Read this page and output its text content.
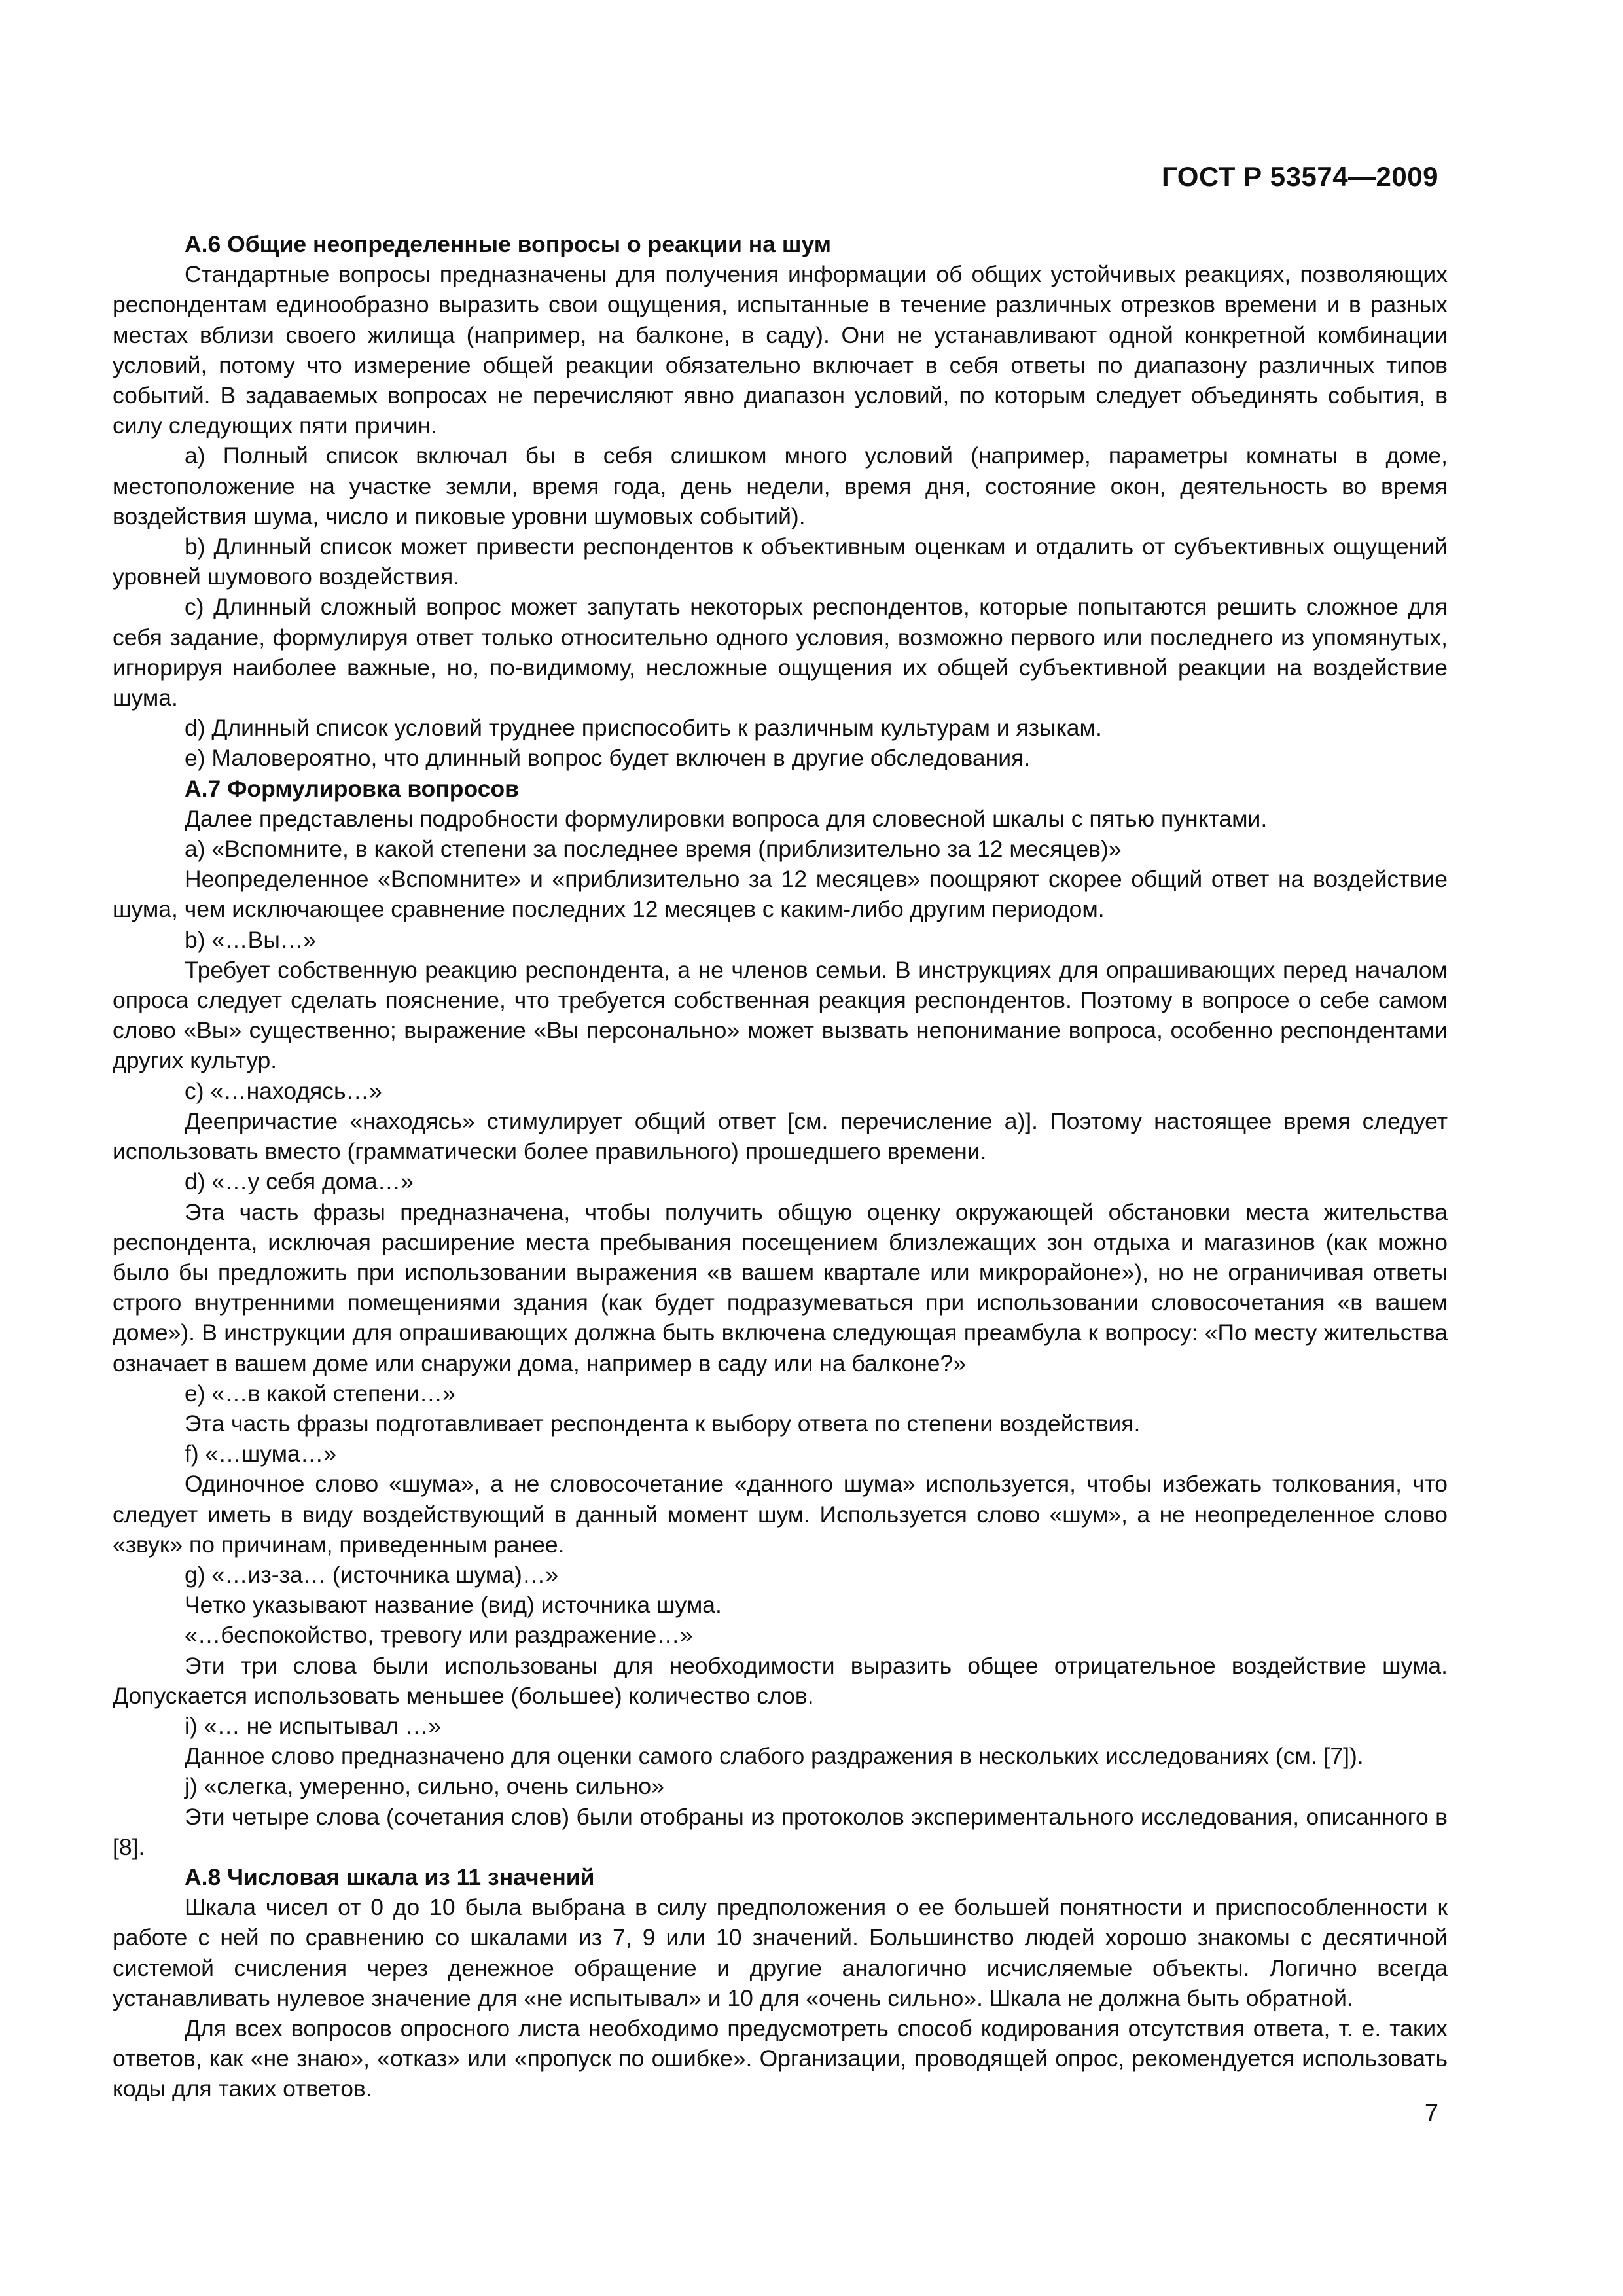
ГОСТ Р 53574—2009

A.6 Общие неопределенные вопросы о реакции на шум

Стандартные вопросы предназначены для получения информации об общих устойчивых реакциях, позволяющих респондентам единообразно выразить свои ощущения, испытанные в течение различных отрезков времени и в разных местах вблизи своего жилища (например, на балконе, в саду). Они не устанавливают одной конкретной комбинации условий, потому что измерение общей реакции обязательно включает в себя ответы по диапазону различных типов событий. В задаваемых вопросах не перечисляют явно диапазон условий, по которым следует объединять события, в силу следующих пяти причин.

a) Полный список включал бы в себя слишком много условий (например, параметры комнаты в доме, местоположение на участке земли, время года, день недели, время дня, состояние окон, деятельность во время воздействия шума, число и пиковые уровни шумовых событий).

b) Длинный список может привести респондентов к объективным оценкам и отдалить от субъективных ощущений уровней шумового воздействия.

c) Длинный сложный вопрос может запутать некоторых респондентов, которые попытаются решить сложное для себя задание, формулируя ответ только относительно одного условия, возможно первого или последнего из упомянутых, игнорируя наиболее важные, но, по-видимому, несложные ощущения их общей субъективной реакции на воздействие шума.

d) Длинный список условий труднее приспособить к различным культурам и языкам.

e) Маловероятно, что длинный вопрос будет включен в другие обследования.

A.7 Формулировка вопросов

Далее представлены подробности формулировки вопроса для словесной шкалы с пятью пунктами.

a) «Вспомните, в какой степени за последнее время (приблизительно за 12 месяцев)»

Неопределенное «Вспомните» и «приблизительно за 12 месяцев» поощряют скорее общий ответ на воздействие шума, чем исключающее сравнение последних 12 месяцев с каким-либо другим периодом.

b) «…Вы…»

Требует собственную реакцию респондента, а не членов семьи. В инструкциях для опрашивающих перед началом опроса следует сделать пояснение, что требуется собственная реакция респондентов. Поэтому в вопросе о себе самом слово «Вы» существенно; выражение «Вы персонально» может вызвать непонимание вопроса, особенно респондентами других культур.

c) «…находясь…»

Деепричастие «находясь» стимулирует общий ответ [см. перечисление a)]. Поэтому настоящее время следует использовать вместо (грамматически более правильного) прошедшего времени.

d) «…у себя дома…»

Эта часть фразы предназначена, чтобы получить общую оценку окружающей обстановки места жительства респондента, исключая расширение места пребывания посещением близлежащих зон отдыха и магазинов (как можно было бы предложить при использовании выражения «в вашем квартале или микрорайоне»), но не ограничивая ответы строго внутренними помещениями здания (как будет подразумеваться при использовании словосочетания «в вашем доме»). В инструкции для опрашивающих должна быть включена следующая преамбула к вопросу: «По месту жительства означает в вашем доме или снаружи дома, например в саду или на балконе?»

e) «…в какой степени…»

Эта часть фразы подготавливает респондента к выбору ответа по степени воздействия.

f) «…шума…»

Одиночное слово «шума», а не словосочетание «данного шума» используется, чтобы избежать толкования, что следует иметь в виду воздействующий в данный момент шум. Используется слово «шум», а не неопределенное слово «звук» по причинам, приведенным ранее.

g) «…из-за… (источника шума)…»

Четко указывают название (вид) источника шума.

«…беспокойство, тревогу или раздражение…»

Эти три слова были использованы для необходимости выразить общее отрицательное воздействие шума. Допускается использовать меньшее (большее) количество слов.

i) «… не испытывал …»

Данное слово предназначено для оценки самого слабого раздражения в нескольких исследованиях (см. [7]).

j) «слегка, умеренно, сильно, очень сильно»

Эти четыре слова (сочетания слов) были отобраны из протоколов экспериментального исследования, описанного в [8].

A.8 Числовая шкала из 11 значений

Шкала чисел от 0 до 10 была выбрана в силу предположения о ее большей понятности и приспособленности к работе с ней по сравнению со шкалами из 7, 9 или 10 значений. Большинство людей хорошо знакомы с десятичной системой счисления через денежное обращение и другие аналогично исчисляемые объекты. Логично всегда устанавливать нулевое значение для «не испытывал» и 10 для «очень сильно». Шкала не должна быть обратной.

Для всех вопросов опросного листа необходимо предусмотреть способ кодирования отсутствия ответа, т. е. таких ответов, как «не знаю», «отказ» или «пропуск по ошибке». Организации, проводящей опрос, рекомендуется использовать коды для таких ответов.

7
